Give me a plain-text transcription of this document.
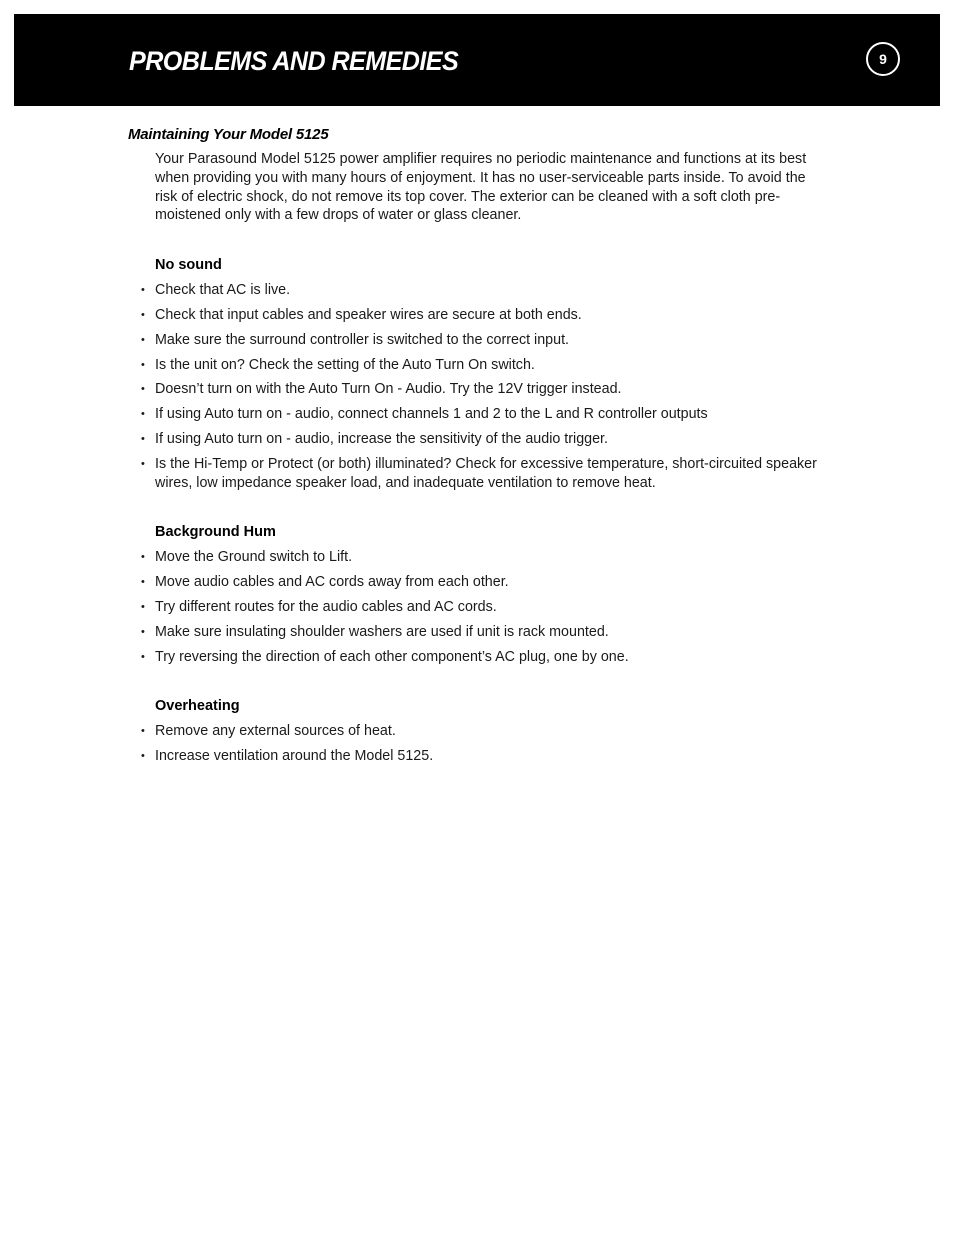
PROBLEMS AND REMEDIES	9
Maintaining Your Model 5125

Your Parasound Model 5125 power amplifier requires no periodic maintenance and functions at its best when providing you with many hours of enjoyment. It has no user-serviceable parts inside. To avoid the risk of electric shock, do not remove its top cover. The exterior can be cleaned with a soft cloth pre-moistened only with a few drops of water or glass cleaner.

No sound
• Check that AC is live.
• Check that input cables and speaker wires are secure at both ends.
• Make sure the surround controller is switched to the correct input.
• Is the unit on? Check the setting of the Auto Turn On switch.
• Doesn’t turn on with the Auto Turn On - Audio. Try the 12V trigger instead.
• If using Auto turn on - audio, connect channels 1 and 2 to the L and R controller outputs
• If using Auto turn on - audio, increase the sensitivity of the audio trigger.
• Is the Hi-Temp or Protect (or both) illuminated? Check for excessive temperature, short-circuited speaker wires, low impedance speaker load, and inadequate ventilation to remove heat.
Background Hum
• Move the Ground switch to Lift.
• Move audio cables and AC cords away from each other.
• Try different routes for the audio cables and AC cords.
• Make sure insulating shoulder washers are used if unit is rack mounted.
• Try reversing the direction of each other component’s AC plug, one by one.
Overheating
• Remove any external sources of heat.
• Increase ventilation around the Model 5125.
